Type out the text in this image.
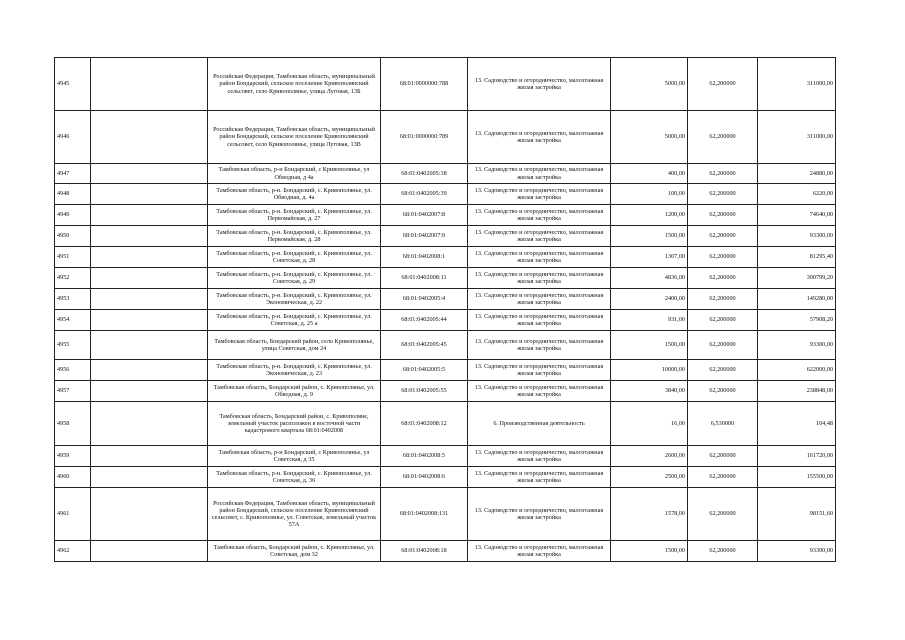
4945		Российская Федерация, Тамбовская область, муниципальный район Бондарский, сельское поселение Кривополянский сельсовет, село Кривополянье, улица Луговая, 13Б	68:01:0000000:788	13. Садоводство и огородничество, малоэтажная жилая застройка	5000,00	62,200000	311000,00
4946		Российская Федерация, Тамбовская область, муниципальный район Бондарский, сельское поселение Кривополянский сельсовет, село Кривополянье, улица Луговая, 13В	68:01:0000000:789	13. Садоводство и огородничество, малоэтажная жилая застройка	5000,00	62,200000	311000,00
4947		Тамбовская область, р-н Бондарский, с Кривополянье, ул Обводная, д 4а	68:01:0402005:38	13. Садоводство и огородничество, малоэтажная жилая застройка	400,00	62,200000	24880,00
4948		Тамбовская область, р-н. Бондарский, с. Кривополянье, ул. Обводная, д. 4а	68:01:0402005:39	13. Садоводство и огородничество, малоэтажная жилая застройка	100,00	62,200000	6220,00
4949		Тамбовская область, р-н. Бондарский, с. Кривополянье, ул. Первомайская, д. 27	68:01:0402007:8	13. Садоводство и огородничество, малоэтажная жилая застройка	1200,00	62,200000	74640,00
4950		Тамбовская область, р-н. Бондарский, с. Кривополянье, ул. Первомайская, д. 28	68:01:0402007:9	13. Садоводство и огородничество, малоэтажная жилая застройка	1500,00	62,200000	93300,00
4951		Тамбовская область, р-н. Бондарский, с. Кривополянье, ул. Советская, д. 28	68:01:0402008:1	13. Садоводство и огородничество, малоэтажная жилая застройка	1307,00	62,200000	81295,40
4952		Тамбовская область, р-н. Бондарский, с. Кривополянье, ул. Советская, д. 29	68:01:0402008:11	13. Садоводство и огородничество, малоэтажная жилая застройка	4836,00	62,200000	300799,20
4953		Тамбовская область, р-н. Бондарский, с. Кривополянье, ул. Экономическая, д. 22	68:01:0402005:4	13. Садоводство и огородничество, малоэтажная жилая застройка	2400,00	62,200000	149280,00
4954		Тамбовская область, р-н. Бондарский, с. Кривополянье, ул. Советская, д. 25 а	68:01:0402005:44	13. Садоводство и огородничество, малоэтажная жилая застройка	931,00	62,200000	57908,20
4955		Тамбовская область, Бондарский район, село Кривополянье, улица Советская, дом 24	68:01:0402005:45	13. Садоводство и огородничество, малоэтажная жилая застройка	1500,00	62,200000	93300,00
4956		Тамбовская область, р-н. Бондарский, с. Кривополянье, ул. Экономическая, д. 23	68:01:0402005:5	13. Садоводство и огородничество, малоэтажная жилая застройка	10000,00	62,200000	622000,00
4957		Тамбовская область, Бондарский район, с. Кривополянье, ул. Обводная, д. 9	68:01:0402005:55	13. Садоводство и огородничество, малоэтажная жилая застройка	3840,00	62,200000	238848,00
4958		Тамбовская область, Бондарский район, с. Кривополяне, земельный участок расположен в восточной части кадастрового квартала 68:01:0402008	68:01:0402008:12	6. Производственная деятельность	16,00	6,530000	104,48
4959		Тамбовская область, р-н Бондарский, с Кривополянье, ул Советская, д 35	68:01:0402008:5	13. Садоводство и огородничество, малоэтажная жилая застройка	2600,00	62,200000	161720,00
4960		Тамбовская область, р-н. Бондарский, с. Кривополянье, ул. Советская, д. 36	68:01:0402008:6	13. Садоводство и огородничество, малоэтажная жилая застройка	2500,00	62,200000	155500,00
4961		Российская Федерация, Тамбовская область, муниципальный район Бондарский, сельское поселение Кривополянский сельсовет, с. Кривополянье, ул. Советская, земельный участок 57А	68:01:0402008:131	13. Садоводство и огородничество, малоэтажная жилая застройка	1578,00	62,200000	98151,60
4962		Тамбовская область, Бондарский район, с. Кривополянье, ул. Советская, дом 32	68:01:0402008:18	13. Садоводство и огородничество, малоэтажная жилая застройка	1500,00	62,200000	93300,00
